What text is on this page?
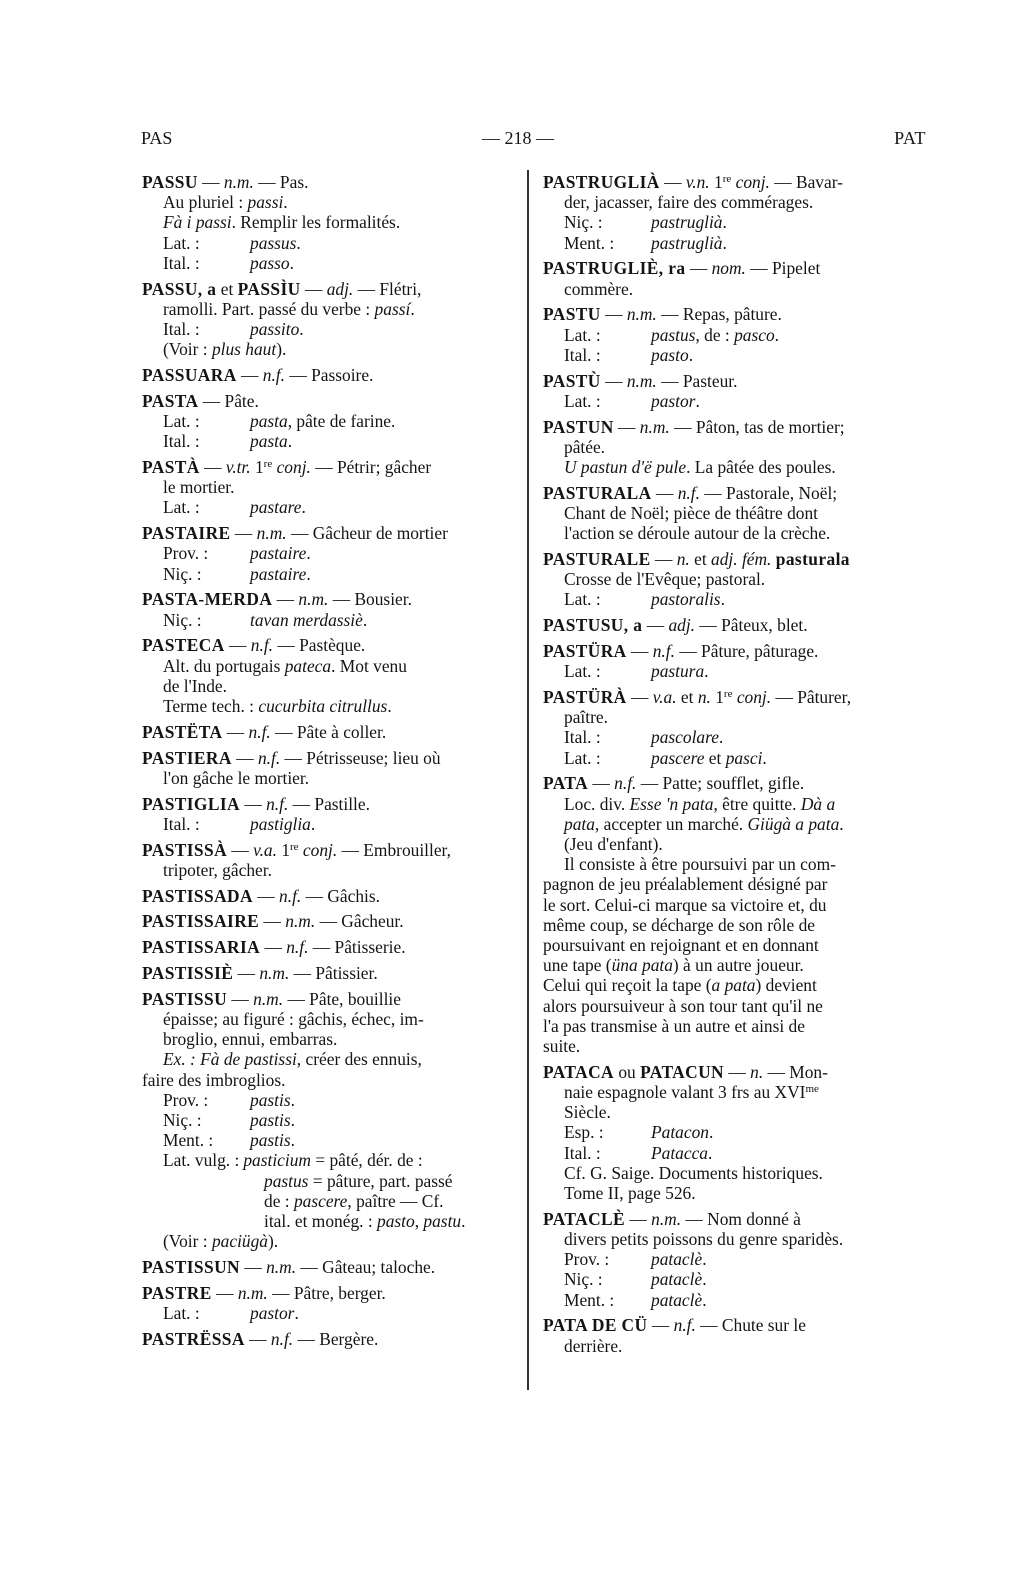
PAS	— 218 —	PAT
PASSU — n.m. — Pas.
Au pluriel : passi.
Fà i passi. Remplir les formalités.
Lat. :	passus.
Ital. :	passo.
PASSU, a et PASSÌU — adj. — Flétri,
ramolli. Part. passé du verbe : passí.
Ital. :	passito.
(Voir : plus haut).
PASSUARA — n.f. — Passoire.
PASTA — Pâte.
Lat. :	pasta, pâte de farine.
Ital. :	pasta.
PASTÀ — v.tr. 1re conj. — Pétrir; gâcher
le mortier.
Lat. :	pastare.
PASTAIRE — n.m. — Gâcheur de mortier
Prov. : pastaire.
Niç. :	pastaire.
PASTA-MERDA — n.m. — Bousier.
Niç. :	tavan merdassiè.
PASTECA — n.f. — Pastèque.
Alt. du portugais pateca. Mot venu
de l'Inde.
Terme tech. : cucurbita citrullus.
PASTËTA — n.f. — Pâte à coller.
PASTIERA — n.f. — Pétrisseuse; lieu où
l'on gâche le mortier.
PASTIGLIA — n.f. — Pastille.
Ital. :	pastiglia.
PASTISSÀ — v.a. 1re conj. — Embrouiller,
tripoter, gâcher.
PASTISSADA — n.f. — Gâchis.
PASTISSAIRE — n.m. — Gâcheur.
PASTISSARIA — n.f. — Pâtisserie.
PASTISSIÈ — n.m. — Pâtissier.
PASTISSU — n.m. — Pâte, bouillie
épaisse; au figuré : gâchis, échec, im-
broglio, ennui, embarras.
Ex. : Fà de pastissi, créer des ennuis,
faire des imbroglios.
Prov. : pastis.
Niç. :	pastis.
Ment. : pastis.
Lat. vulg. : pasticium = pâté, dér. de :
pastus = pâture, part. passé
de : pascere, paître — Cf.
ital. et monég. : pasto, pastu.
(Voir : paciügà).
PASTISSUN — n.m. — Gâteau; taloche.
PASTRE — n.m. — Pâtre, berger.
Lat. :	pastor.
PASTRËSSA — n.f. — Bergère.
PASTRUGLIÀ — v.n. 1re conj. — Bavar-
der, jacasser, faire des commérages.
Niç. :	pastruglià.
Ment. : pastruglià.
PASTRUGLIÈ, ra — nom. — Pipelet
commère.
PASTU — n.m. — Repas, pâture.
Lat. :	pastus, de : pasco.
Ital. :	pasto.
PASTÙ — n.m. — Pasteur.
Lat. :	pastor.
PASTUN — n.m. — Pâton, tas de mortier;
pâtée.
U pastun d'ë pule. La pâtée des poules.
PASTURALA — n.f. — Pastorale, Noël;
Chant de Noël; pièce de théâtre dont
l'action se déroule autour de la crèche.
PASTURALE — n. et adj. fém. pasturala
Crosse de l'Evêque; pastoral.
Lat. :	pastoralis.
PASTUSU, a — adj. — Pâteux, blet.
PASTÜRA — n.f. — Pâture, pâturage.
Lat. :	pastura.
PASTÜRÀ — v.a. et n. 1re conj. — Pâturer,
paître.
Ital. :	pascolare.
Lat. :	pascere et pasci.
PATA — n.f. — Patte; soufflet, gifle.
Loc. div. Esse 'n pata, être quitte. Dà a
pata, accepter un marché. Giügà a pata.
(Jeu d'enfant).
Il consiste à être poursuivi par un com-
pagnon de jeu préalablement désigné par
le sort. Celui-ci marque sa victoire et, du
même coup, se décharge de son rôle de
poursuivant en rejoignant et en donnant
une tape (üna pata) à un autre joueur.
Celui qui reçoit la tape (a pata) devient
alors poursuiveur à son tour tant qu'il ne
l'a pas transmise à un autre et ainsi de
suite.
PATACA ou PATACUN — n. — Mon-
naie espagnole valant 3 frs au $XVI^{me}$
Siècle.
Esp. :	Patacon.
Ital. :	Patacca.
Cf. G. Saige. Documents historiques.
Tome II, page 526.
PATACLÈ — n.m. — Nom donné à
divers petits poissons du genre sparidès.
Prov. : pataclè.
Niç. :	pataclè.
Ment. : pataclè.
PATA DE CÜ — n.f. — Chute sur le
derrière.
